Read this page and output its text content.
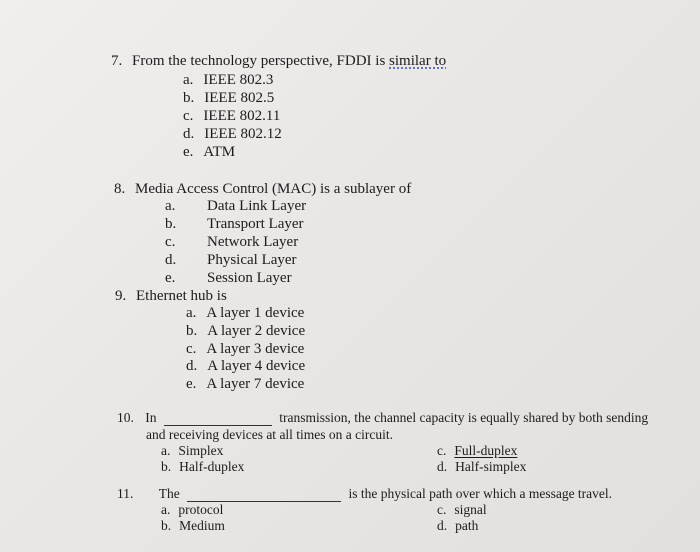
7. From the technology perspective, FDDI is similar to
a. IEEE 802.3
b. IEEE 802.5
c. IEEE 802.11
d. IEEE 802.12
e. ATM
8. Media Access Control (MAC) is a sublayer of
a. Data Link Layer
b. Transport Layer
c. Network Layer
d. Physical Layer
e. Session Layer
9. Ethernet hub is
a. A layer 1 device
b. A layer 2 device
c. A layer 3 device
d. A layer 4 device
e. A layer 7 device
10. In	transmission, the channel capacity is equally shared by both sending
and receiving devices at all times on a circuit.
a. Simplex
b. Half-duplex
c. Full-duplex
d. Half-simplex
11. The	is the physical path over which a message travel.
a. protocol
b. Medium
c. signal
d. path
